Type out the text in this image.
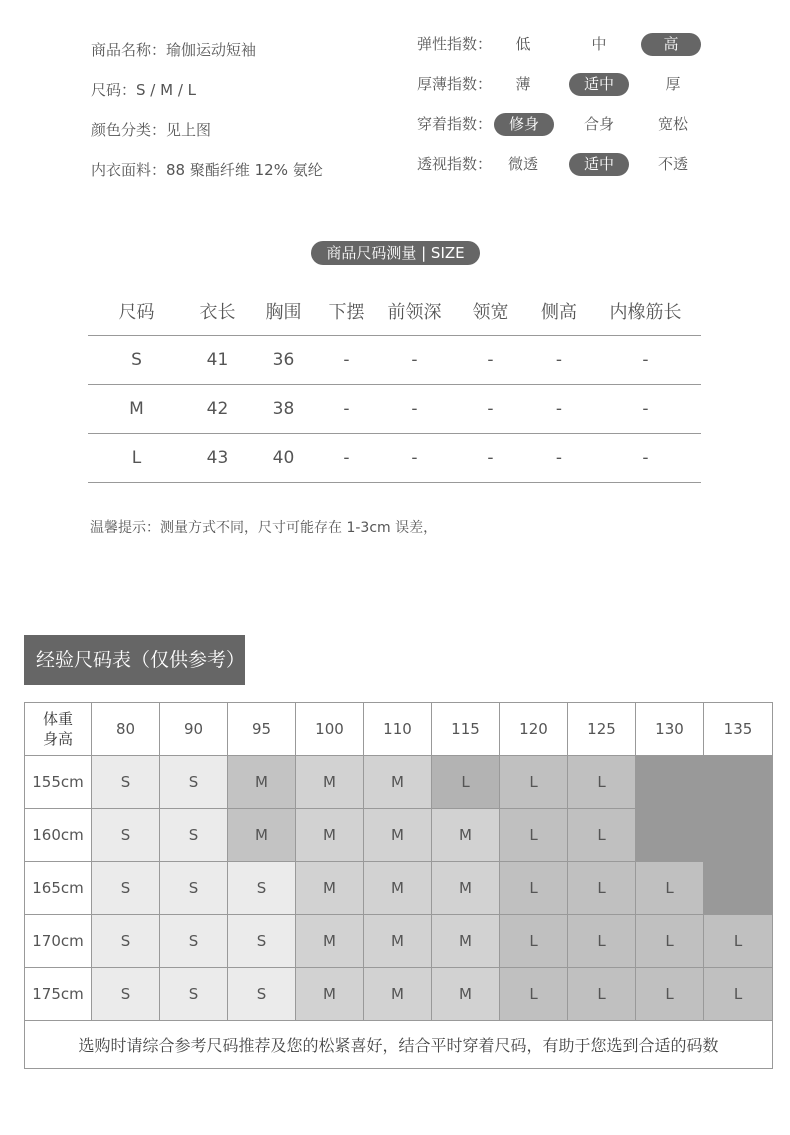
商品名称：瑜伽运动短袖
尺码：S / M / L
颜色分类：见上图
内衣面料：88 聚酯纤维 12% 氨纶
弹性指数：	低	中	高
厚薄指数：	薄	适中	厚
穿着指数：	修身	合身	宽松
透视指数：	微透	适中	不透
商品尺码测量 | SIZE
尺码	衣长	胸围	下摆	前领深	领宽	侧高	内橡筋长
S	41	36	-	-	-	-	-
M	42	38	-	-	-	-	-
L	43	40	-	-	-	-	-
温馨提示：测量方式不同，尺寸可能存在 1-3cm 误差，
经验尺码表（仅供参考）
体重
身高	80	90	95	100	110	115	120	125	130	135
155cm	S	S	M	M	M	L	L	L		
160cm	S	S	M	M	M	M	L	L		
165cm	S	S	S	M	M	M	L	L	L	
170cm	S	S	S	M	M	M	L	L	L	L
175cm	S	S	S	M	M	M	L	L	L	L
选购时请综合参考尺码推荐及您的松紧喜好，结合平时穿着尺码，有助于您选到合适的码数										
